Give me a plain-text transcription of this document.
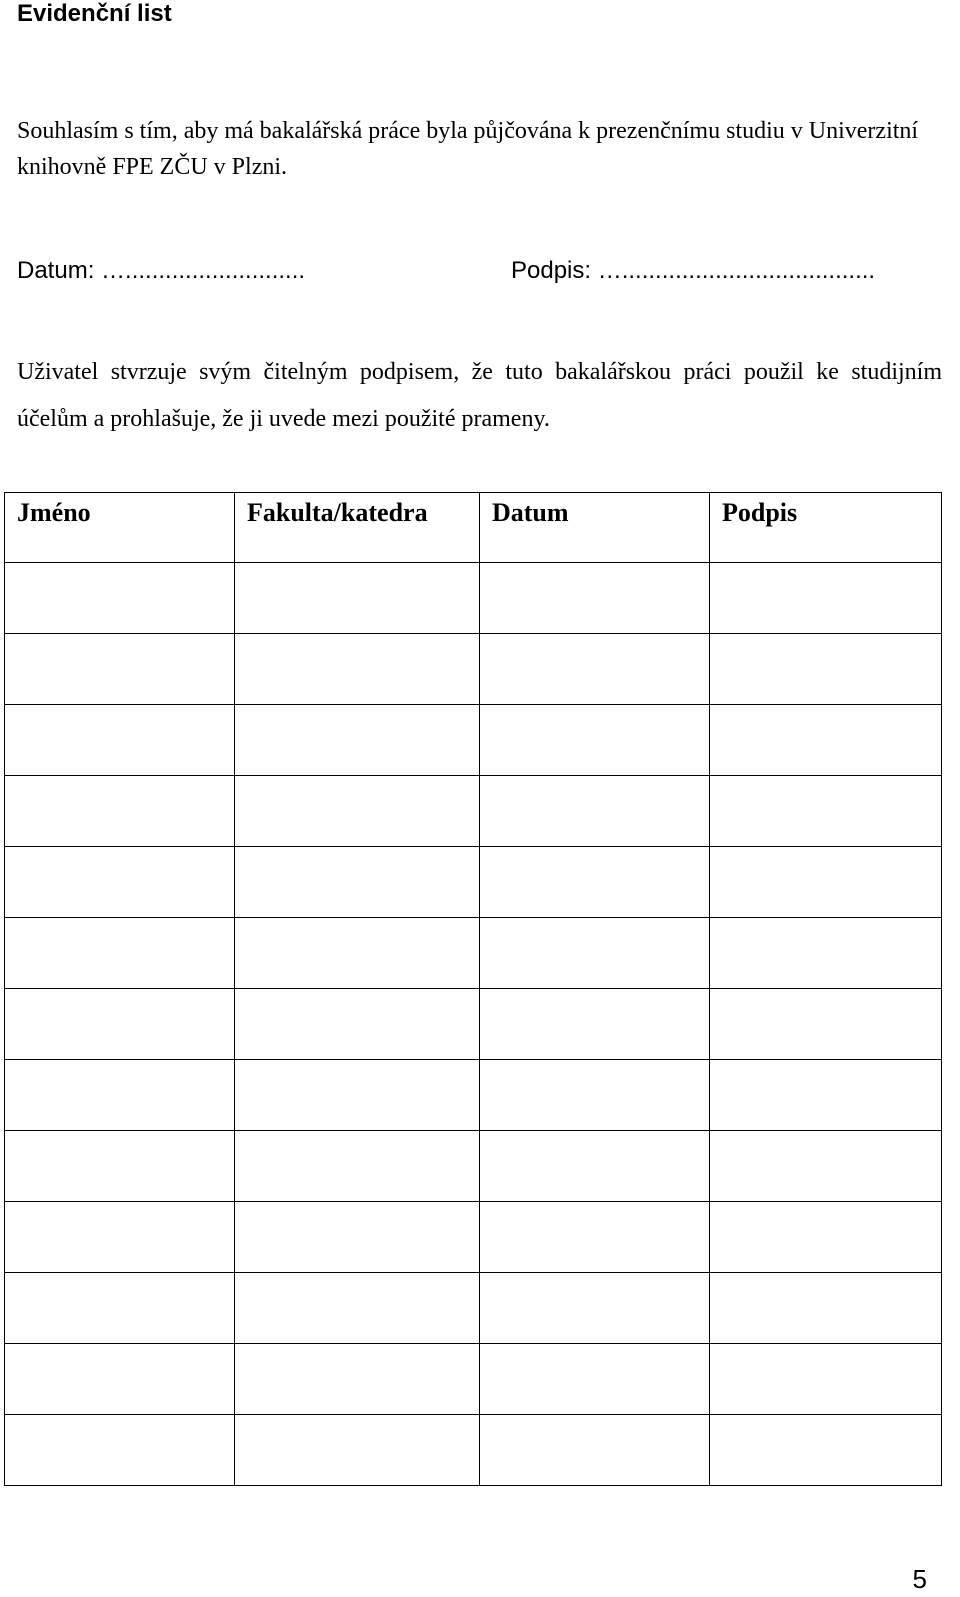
Evidenční list

Souhlasím s tím, aby má bakalářská práce byla půjčována k prezenčnímu studiu v Univerzitní knihovně FPE ZČU v Plzni.

Datum: …...........................	Podpis: …......................................

Uživatel stvrzuje svým čitelným podpisem, že tuto bakalářskou práci použil ke studijním účelům a prohlašuje, že ji uvede mezi použité prameny.

Jméno	Fakulta/katedra	Datum	Podpis

5
